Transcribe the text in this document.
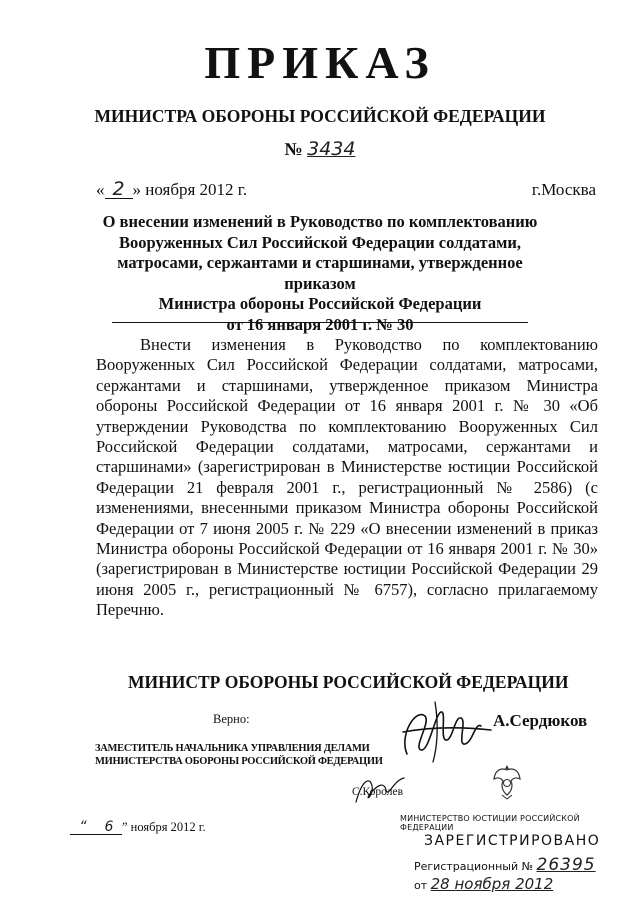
ПРИКАЗ
МИНИСТРА ОБОРОНЫ РОССИЙСКОЙ ФЕДЕРАЦИИ
№ 3434
« 2 » ноября 2012 г.	г.Москва
О внесении изменений в Руководство по комплектованию
Вооруженных Сил Российской Федерации солдатами,
матросами, сержантами и старшинами, утвержденное приказом
Министра обороны Российской Федерации
от 16 января 2001 г. № 30
Внести изменения в Руководство по комплектованию Вооруженных Сил Российской Федерации солдатами, матросами, сержантами и старшинами, утвержденное приказом Министра обороны Российской Федерации от 16 января 2001 г. № 30 «Об утверждении Руководства по комплектованию Вооруженных Сил Российской Федерации солдатами, матросами, сержантами и старшинами» (зарегистрирован в Министерстве юстиции Российской Федерации 21 февраля 2001 г., регистрационный № 2586) (с изменениями, внесенными приказом Министра обороны Российской Федерации от 7 июня 2005 г. № 229 «О внесении изменений в приказ Министра обороны Российской Федерации от 16 января 2001 г. № 30» (зарегистрирован в Министерстве юстиции Российской Федерации 29 июня 2005 г., регистрационный № 6757), согласно прилагаемому Перечню.
МИНИСТР ОБОРОНЫ РОССИЙСКОЙ ФЕДЕРАЦИИ
Верно:	А.Сердюков
ЗАМЕСТИТЕЛЬ НАЧАЛЬНИКА УПРАВЛЕНИЯ ДЕЛАМИ
МИНИСТЕРСТВА ОБОРОНЫ РОССИЙСКОЙ ФЕДЕРАЦИИ
С.Королев
“ 6 ” ноября 2012 г.
МИНИСТЕРСТВО ЮСТИЦИИ РОССИЙСКОЙ ФЕДЕРАЦИИ
ЗАРЕГИСТРИРОВАНО
Регистрационный № 26395
от 28 ноября 2012
